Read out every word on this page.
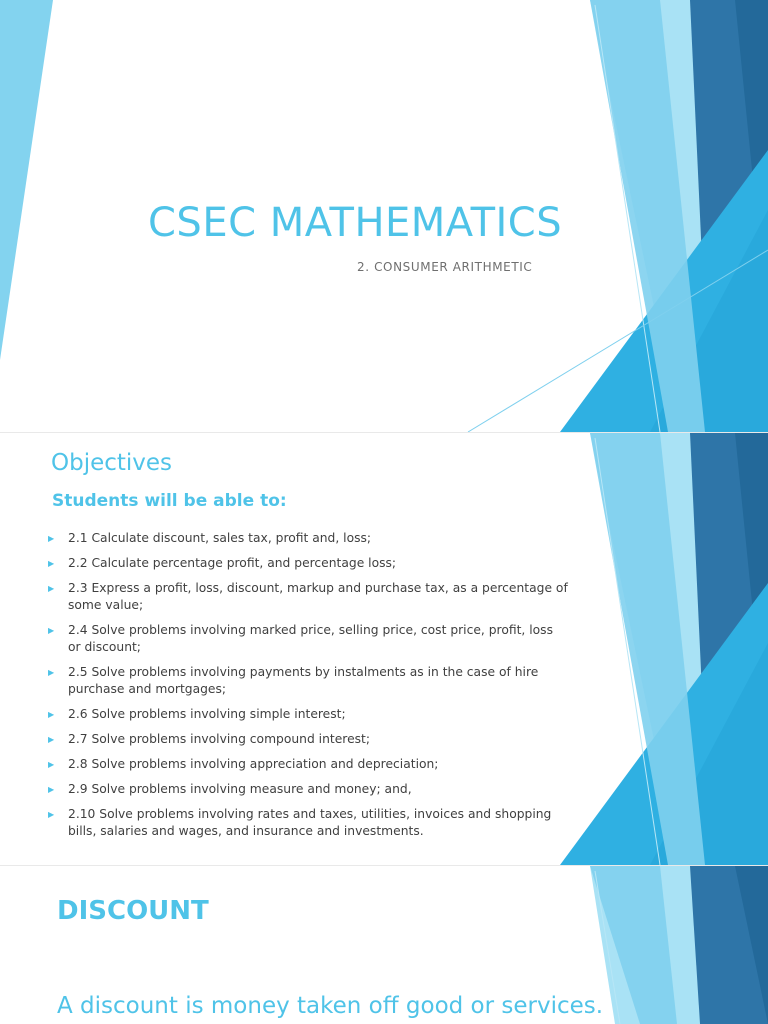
CSEC MATHEMATICS
2. CONSUMER ARITHMETIC
Objectives
Students will be able to:
▶ 2.1 Calculate discount, sales tax, profit and, loss;
▶ 2.2 Calculate percentage profit, and percentage loss;
▶ 2.3 Express a profit, loss, discount, markup and purchase tax, as a percentage of some value;
▶ 2.4 Solve problems involving marked price, selling price, cost price, profit, loss or discount;
▶ 2.5 Solve problems involving payments by instalments as in the case of hire purchase and mortgages;
▶ 2.6 Solve problems involving simple interest;
▶ 2.7 Solve problems involving compound interest;
▶ 2.8 Solve problems involving appreciation and depreciation;
▶ 2.9 Solve problems involving measure and money; and,
▶ 2.10 Solve problems involving rates and taxes, utilities, invoices and shopping bills, salaries and wages, and insurance and investments.
DISCOUNT
A discount is money taken off good or services.
